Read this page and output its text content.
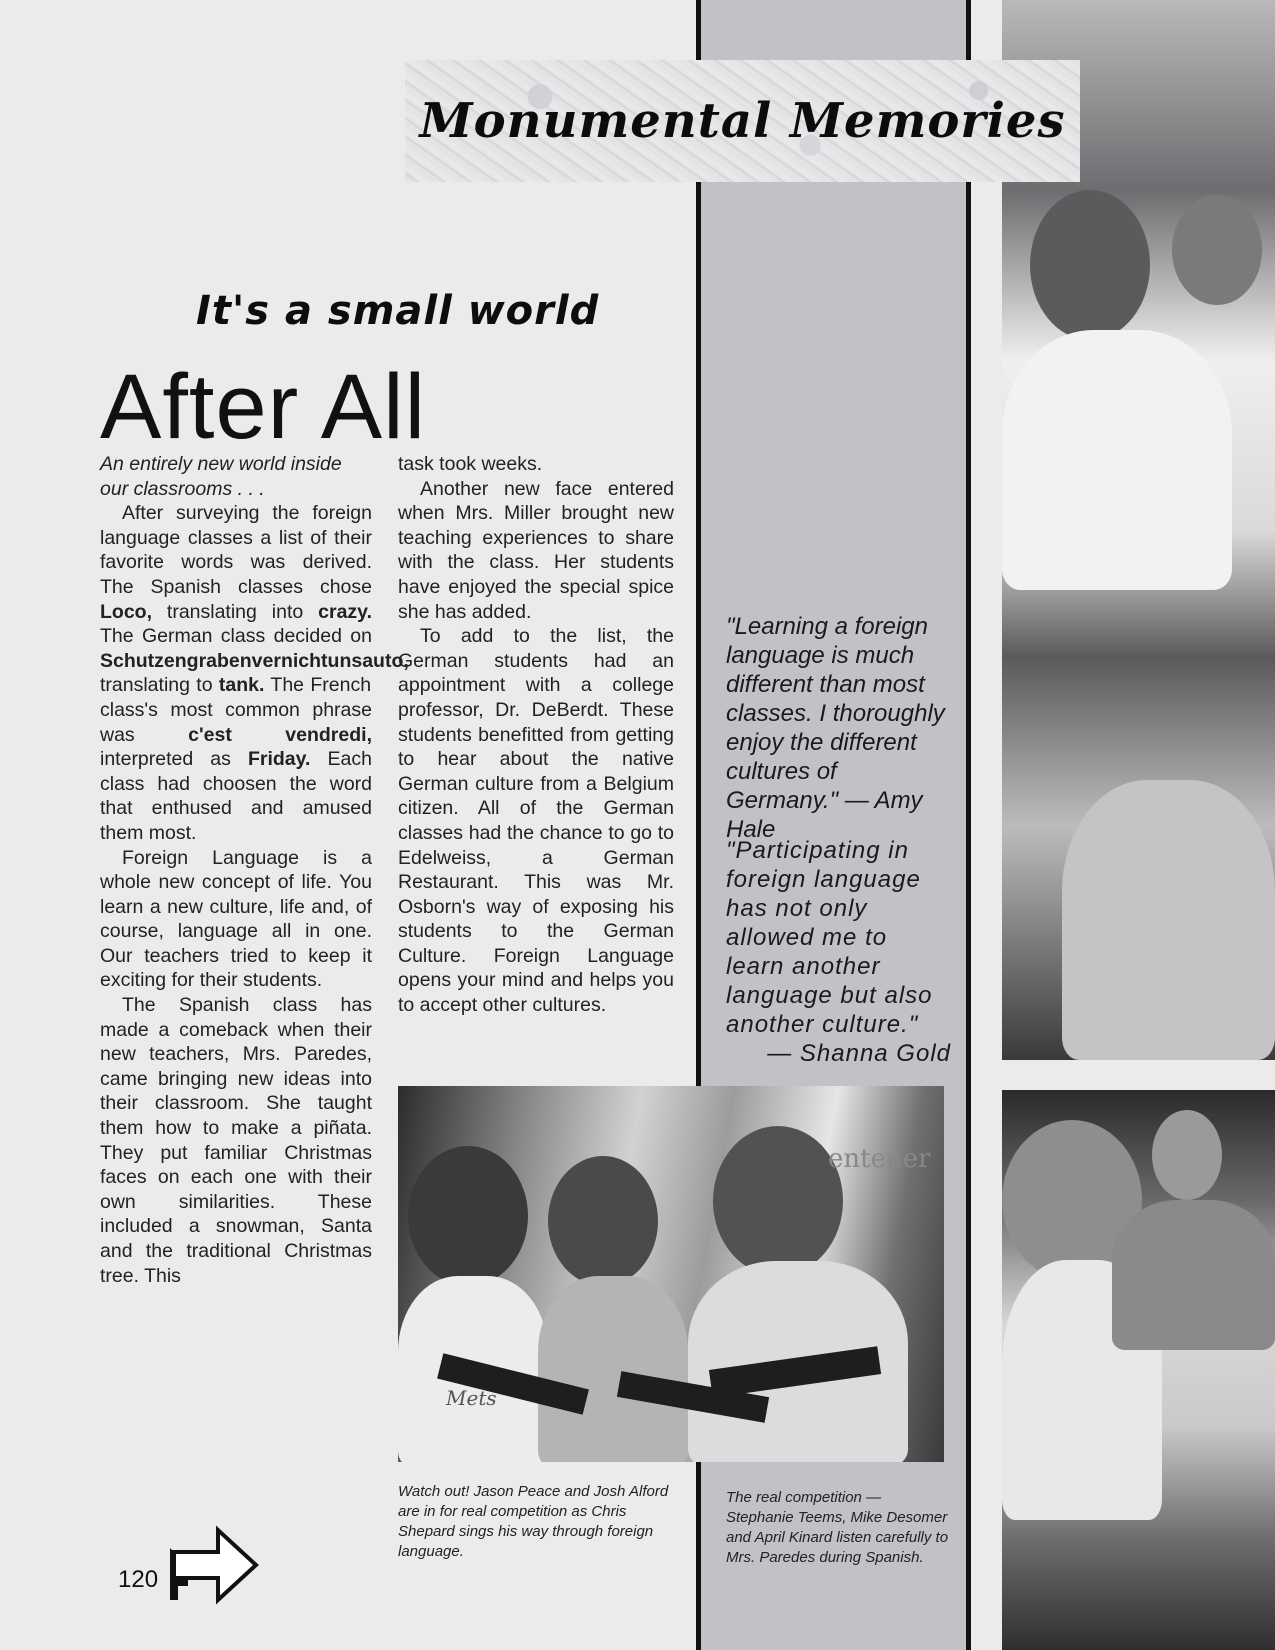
Monumental Memories
It's a small world
After All

An entirely new world inside our classrooms . . .

After surveying the foreign language classes a list of their favorite words was derived. The Spanish classes chose Loco, translating into crazy. The German class decided on Schutzengrabenvernichtunsauto, translating to tank. The French class's most common phrase was c'est vendredi, interpreted as Friday. Each class had choosen the word that enthused and amused them most.

Foreign Language is a whole new concept of life. You learn a new culture, life and, of course, language all in one. Our teachers tried to keep it exciting for their students.

The Spanish class has made a comeback when their new teachers, Mrs. Paredes, came bringing new ideas into their classroom. She taught them how to make a piñata. They put familiar Christmas faces on each one with their own similarities. These included a snowman, Santa and the traditional Christmas tree. This

task took weeks.

Another new face entered when Mrs. Miller brought new teaching experiences to share with the class. Her students have enjoyed the special spice she has added.

To add to the list, the German students had an appointment with a college professor, Dr. DeBerdt. These students benefitted from getting to hear about the native German culture from a Belgium citizen. All of the German classes had the chance to go to Edelweiss, a German Restaurant. This was Mr. Osborn's way of exposing his students to the German Culture. Foreign Language opens your mind and helps you to accept other cultures.

"Learning a foreign language is much different than most classes. I thoroughly enjoy the different cultures of Germany." — Amy Hale
"Participating in foreign language has not only allowed me to learn another language but also another culture."
— Shanna Gold
Mets
enteuer
Watch out! Jason Peace and Josh Alford are in for real competition as Chris Shepard sings his way through foreign language.
The real competition — Stephanie Teems, Mike Desomer and April Kinard listen carefully to Mrs. Paredes during Spanish.
120
